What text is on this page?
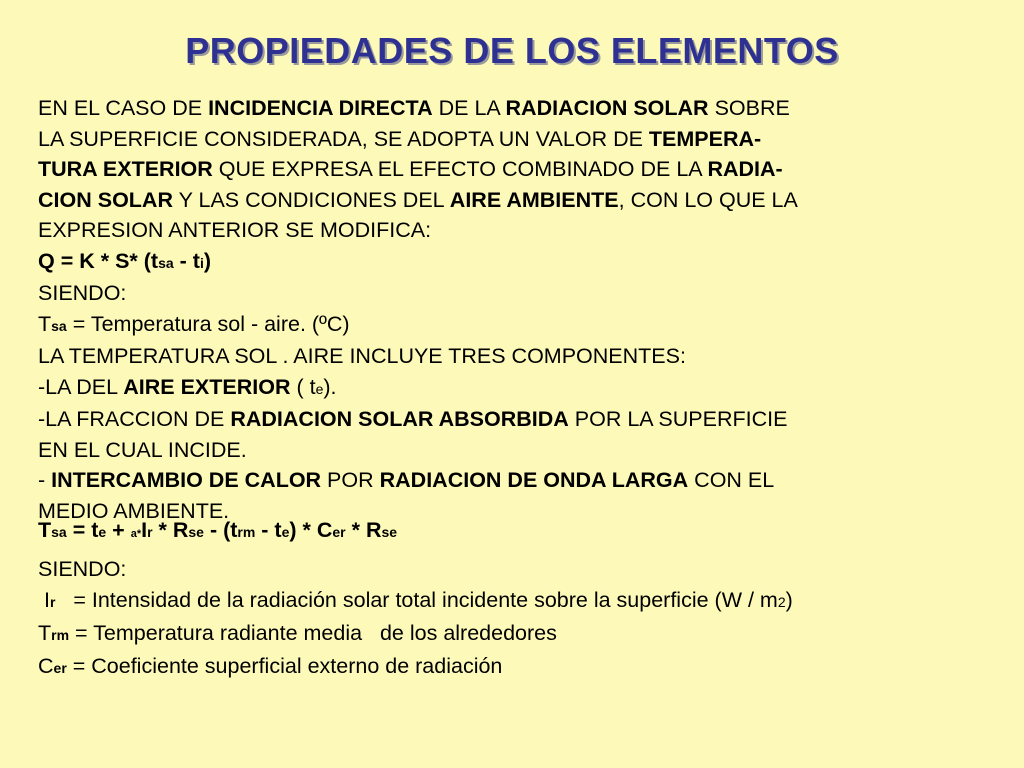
PROPIEDADES DE LOS ELEMENTOS
EN EL CASO DE INCIDENCIA DIRECTA DE LA RADIACION SOLAR SOBRE
LA SUPERFICIE CONSIDERADA, SE ADOPTA UN VALOR DE TEMPERA-
TURA EXTERIOR QUE EXPRESA EL EFECTO COMBINADO DE LA RADIA-
CION SOLAR Y LAS CONDICIONES DEL AIRE AMBIENTE, CON LO QUE LA
EXPRESION ANTERIOR SE MODIFICA:
Q = K * S* (tsa - ti)
SIENDO:
Tsa = Temperatura sol - aire. (ºC)
LA TEMPERATURA SOL . AIRE INCLUYE TRES COMPONENTES:
-LA DEL AIRE EXTERIOR ( te).
-LA FRACCION DE RADIACION SOLAR ABSORBIDA POR LA SUPERFICIE
EN EL CUAL INCIDE.
- INTERCAMBIO DE CALOR POR RADIACION DE ONDA LARGA CON EL
MEDIO AMBIENTE.
Tsa = te + a*Ir * Rse - (trm - te) * Cer * Rse
SIENDO:
Ir   = Intensidad de la radiación solar total incidente sobre la superficie (W / m2)
Trm = Temperatura radiante media   de los alrededores
Cer = Coeficiente superficial externo de radiación
